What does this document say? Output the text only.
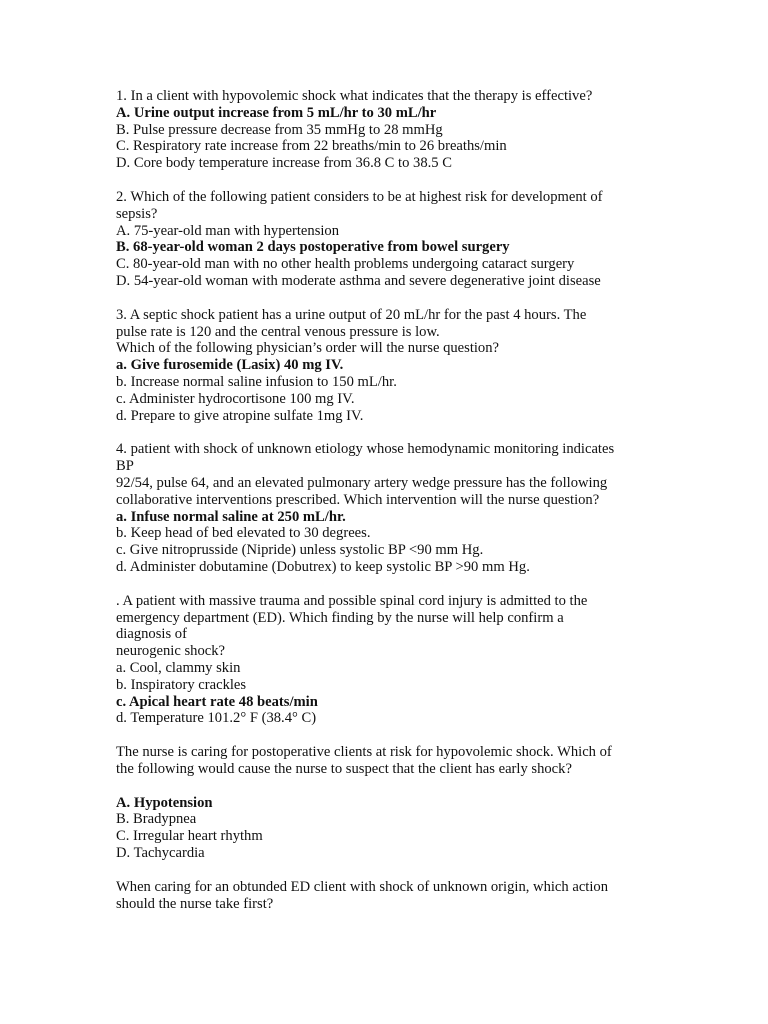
1. In a client with hypovolemic shock what indicates that the therapy is effective?
A. Urine output increase from 5 mL/hr to 30 mL/hr
B. Pulse pressure decrease from 35 mmHg to 28 mmHg
C. Respiratory rate increase from 22 breaths/min to 26 breaths/min
D. Core body temperature increase from 36.8 C to 38.5 C
2. Which of the following patient considers to be at highest risk for development of
sepsis?
A. 75-year-old man with hypertension
B. 68-year-old woman 2 days postoperative from bowel surgery
C. 80-year-old man with no other health problems undergoing cataract surgery
D. 54-year-old woman with moderate asthma and severe degenerative joint disease
3. A septic shock patient has a urine output of 20 mL/hr for the past 4 hours. The
pulse rate is 120 and the central venous pressure is low.
Which of the following physician’s order will the nurse question?
a. Give furosemide (Lasix) 40 mg IV.
b. Increase normal saline infusion to 150 mL/hr.
c. Administer hydrocortisone 100 mg IV.
d. Prepare to give atropine sulfate 1mg IV.
4. patient with shock of unknown etiology whose hemodynamic monitoring indicates
BP
92/54, pulse 64, and an elevated pulmonary artery wedge pressure has the following
collaborative interventions prescribed. Which intervention will the nurse question?
a. Infuse normal saline at 250 mL/hr.
b. Keep head of bed elevated to 30 degrees.
c. Give nitroprusside (Nipride) unless systolic BP <90 mm Hg.
d. Administer dobutamine (Dobutrex) to keep systolic BP >90 mm Hg.
. A patient with massive trauma and possible spinal cord injury is admitted to the
emergency department (ED). Which finding by the nurse will help confirm a
diagnosis of
neurogenic shock?
a. Cool, clammy skin
b. Inspiratory crackles
c. Apical heart rate 48 beats/min
d. Temperature 101.2° F (38.4° C)
The nurse is caring for postoperative clients at risk for hypovolemic shock. Which of
the following would cause the nurse to suspect that the client has early shock?
A. Hypotension
B. Bradypnea
C. Irregular heart rhythm
D. Tachycardia
When caring for an obtunded ED client with shock of unknown origin, which action
should the nurse take first?
